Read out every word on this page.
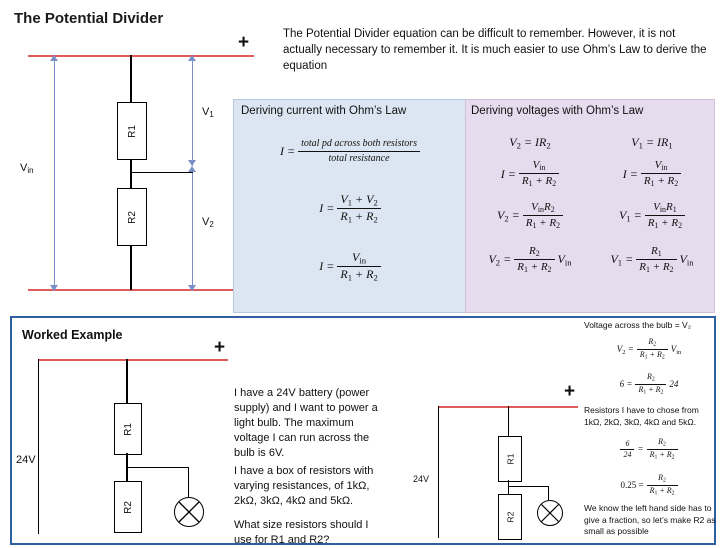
The Potential Divider
The Potential Divider equation can be difficult to remember. However, it is not actually necessary to remember it. It is much easier to use Ohm’s Law to derive the equation
+
R1
R2
$V_{in}$
$V_1$
$V_2$
Deriving current with Ohm’s Law
$I = \frac{\text{total pd across both resistors}}{\text{total resistance}}$
$I = \frac{V_1 + V_2}{R_1 + R_2}$
$I = \frac{V_{in}}{R_1 + R_2}$
Deriving voltages with Ohm’s Law
$V_2 = IR_2$
$I = \frac{V_{in}}{R_1 + R_2}$
$V_2 = \frac{V_{in}R_2}{R_1 + R_2}$
$V_2 = \frac{R_2}{R_1 + R_2} V_{in}$
$V_1 = IR_1$
$I = \frac{V_{in}}{R_1 + R_2}$
$V_1 = \frac{V_{in}R_1}{R_1 + R_2}$
$V_1 = \frac{R_1}{R_1 + R_2} V_{in}$
Worked Example
+
R1
R2
24V
I have a 24V battery (power supply) and I want to power a light bulb. The maximum voltage I can run across the bulb is 6V.
I have a box of resistors with varying resistances, of 1kΩ, 2kΩ, 3kΩ, 4kΩ and 5kΩ.
What size resistors should I use for R1 and R2?
+
R1
R2
24V
Voltage across the bulb = V₂
$V_2 = \frac{R_2}{R_1 + R_2} V_{in}$
$6 = \frac{R_2}{R_1 + R_2} 24$
Resistors I have to chose from 1kΩ, 2kΩ, 3kΩ, 4kΩ and 5kΩ.
$\frac{6}{24} = \frac{R_2}{R_1 + R_2}$
$0.25 = \frac{R_2}{R_1 + R_2}$
We know the left hand side has to give a fraction, so let’s make R2 as small as possible
